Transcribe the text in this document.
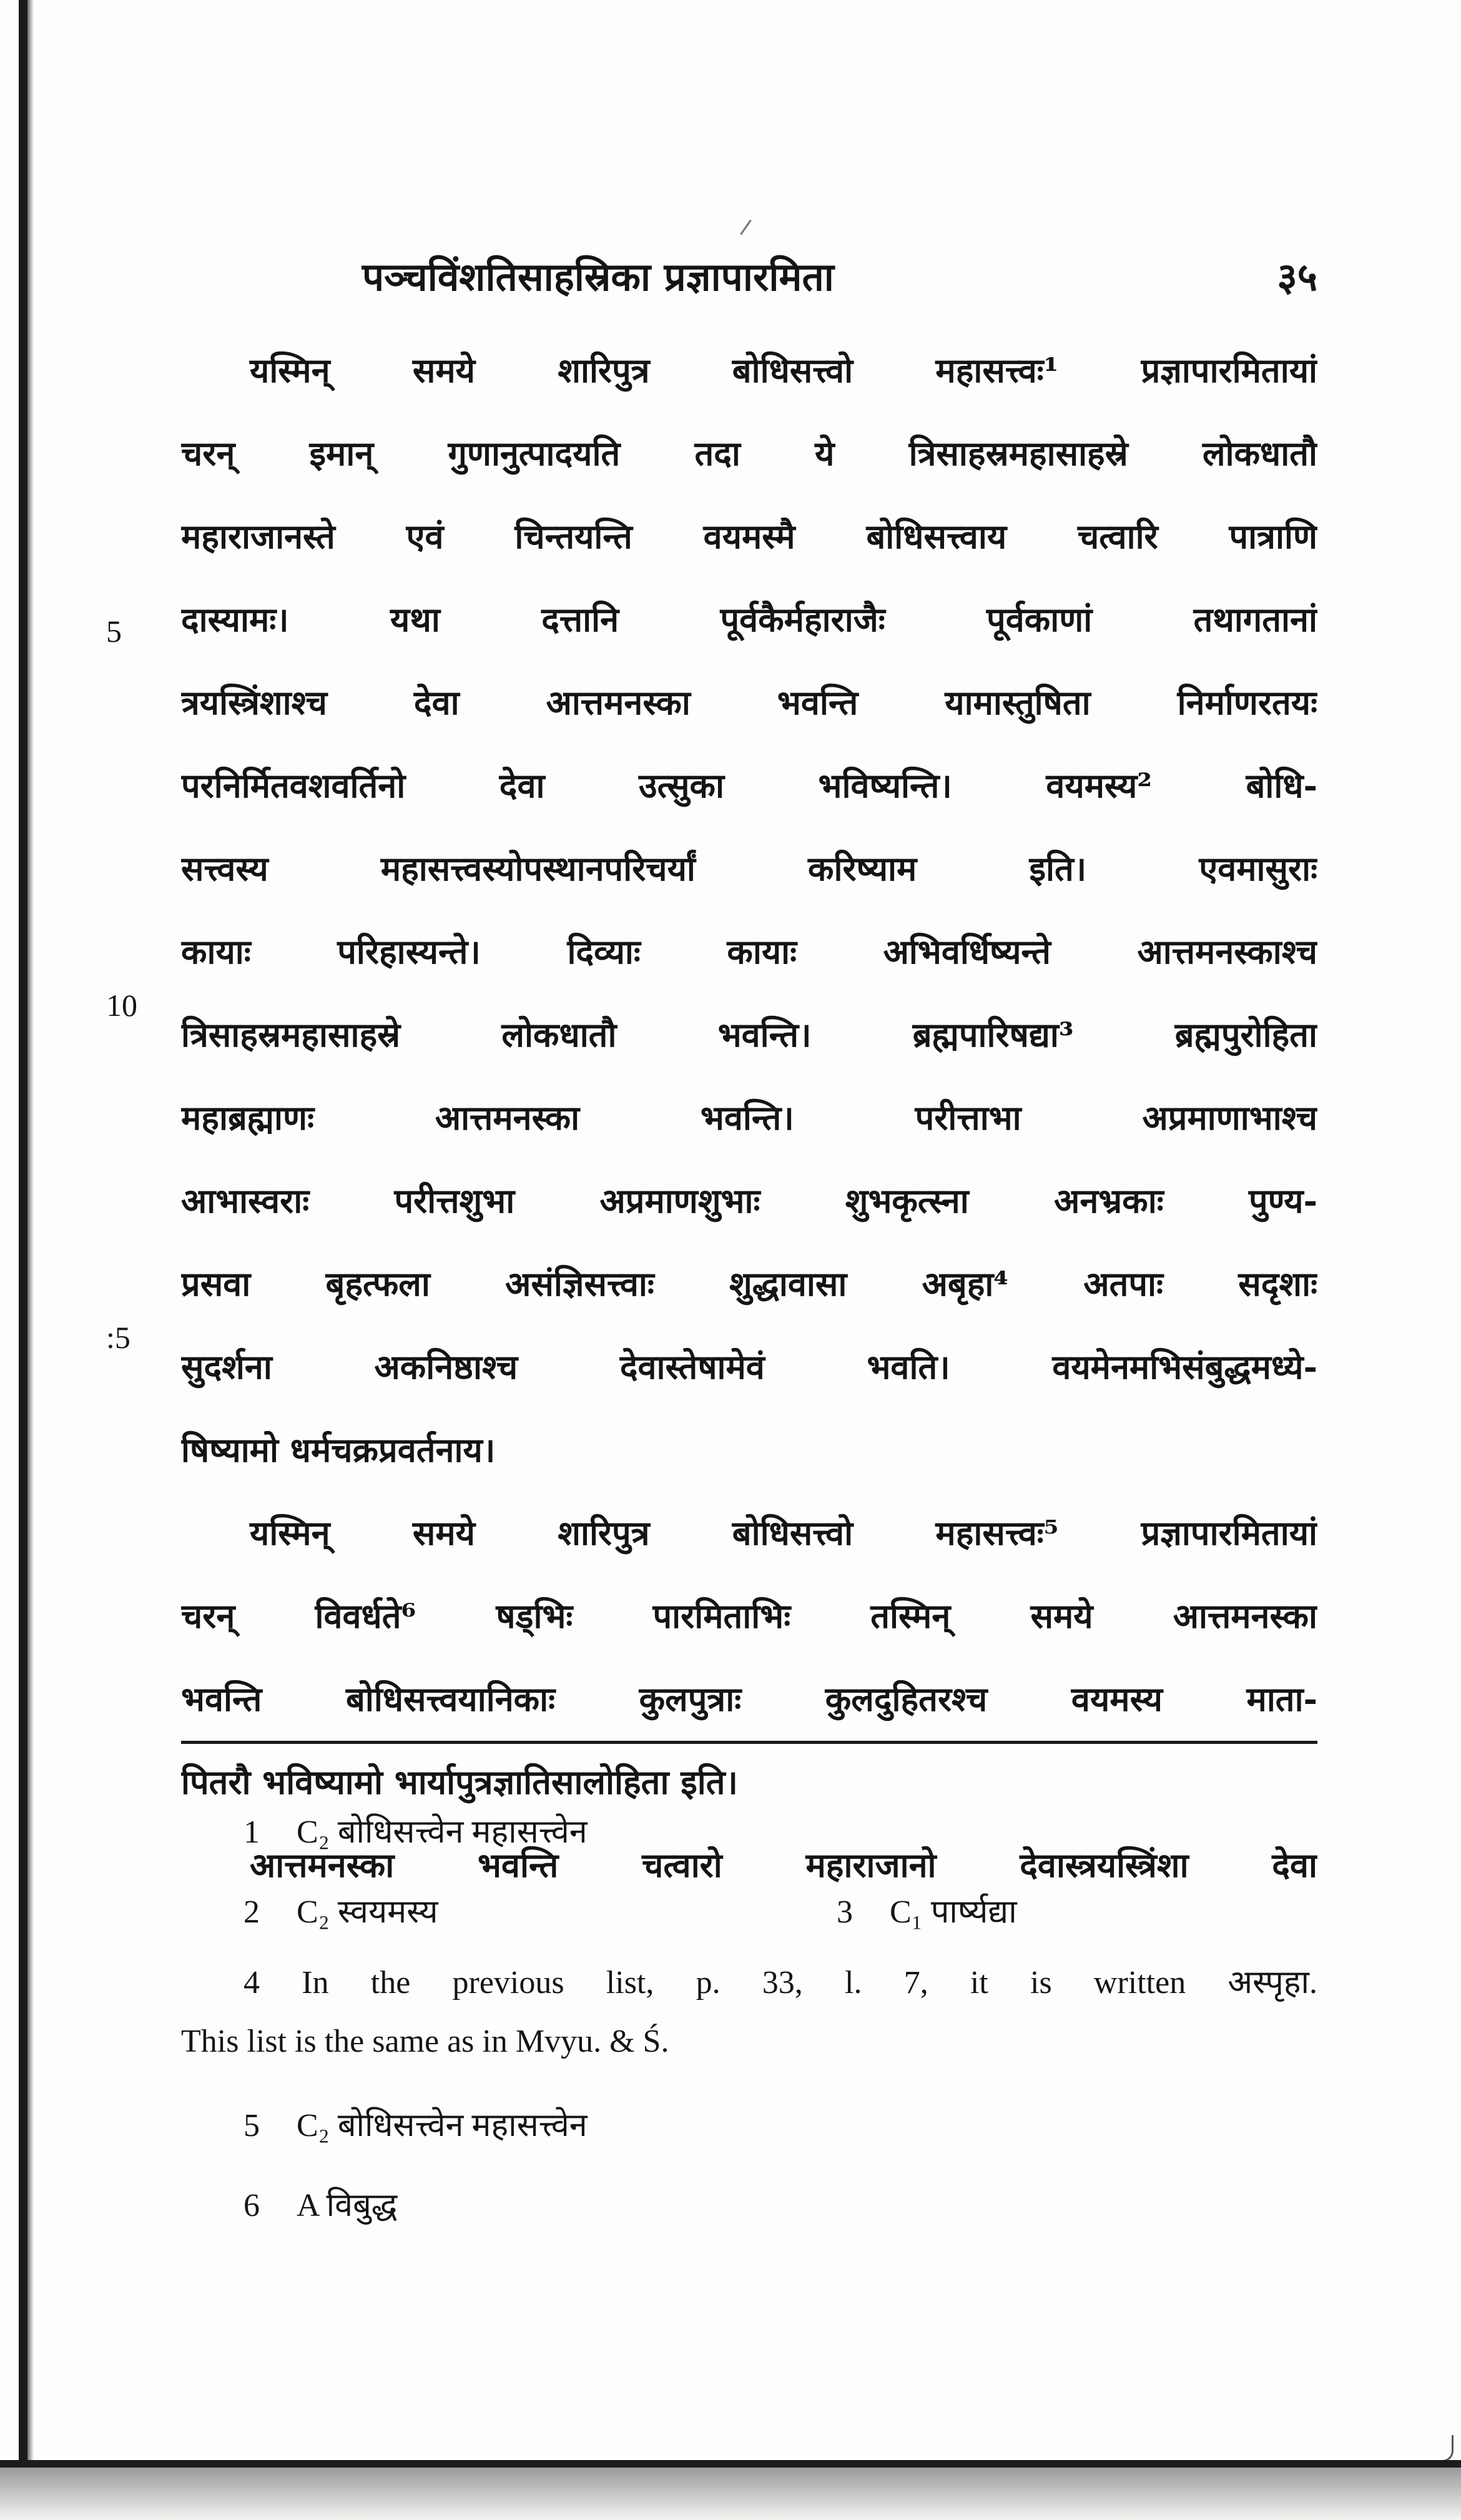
पञ्चविंशतिसाहस्रिका प्रज्ञापारमिता	३५
5
10
:5
यस्मिन् समये शारिपुत्र बोधिसत्त्वो महासत्त्वः¹ प्रज्ञापारमितायां
चरन् इमान् गुणानुत्पादयति तदा ये त्रिसाहस्रमहासाहस्रे लोकधातौ
महाराजानस्ते एवं चिन्तयन्ति वयमस्मै बोधिसत्त्वाय चत्वारि पात्राणि
दास्यामः। यथा दत्तानि पूर्वकैर्महाराजैः पूर्वकाणां तथागतानां
त्रयस्त्रिंशाश्च देवा आत्तमनस्का भवन्ति यामास्तुषिता निर्माणरतयः
परनिर्मितवशवर्तिनो देवा उत्सुका भविष्यन्ति। वयमस्य² बोधि-
सत्त्वस्य महासत्त्वस्योपस्थानपरिचर्यां करिष्याम इति। एवमासुराः
कायाः परिहास्यन्ते। दिव्याः कायाः अभिवर्धिष्यन्ते आत्तमनस्काश्च
त्रिसाहस्रमहासाहस्रे लोकधातौ भवन्ति। ब्रह्मपारिषद्या³ ब्रह्मपुरोहिता
महाब्रह्माणः आत्तमनस्का भवन्ति। परीत्ताभा अप्रमाणाभाश्च
आभास्वराः परीत्तशुभा अप्रमाणशुभाः शुभकृत्स्ना अनभ्रकाः पुण्य-
प्रसवा बृहत्फला असंज्ञिसत्त्वाः शुद्धावासा अबृहा⁴ अतपाः सदृशाः
सुदर्शना अकनिष्ठाश्च देवास्तेषामेवं भवति। वयमेनमभिसंबुद्धमध्ये-
षिष्यामो धर्मचक्रप्रवर्तनाय।
यस्मिन् समये शारिपुत्र बोधिसत्त्वो महासत्त्वः⁵ प्रज्ञापारमितायां
चरन् विवर्धते⁶ षड्भिः पारमिताभिः तस्मिन् समये आत्तमनस्का
भवन्ति बोधिसत्त्वयानिकाः कुलपुत्राः कुलदुहितरश्च वयमस्य माता-
पितरौ भविष्यामो भार्यापुत्रज्ञातिसालोहिता इति।
आत्तमनस्का भवन्ति चत्वारो महाराजानो देवास्त्रयस्त्रिंशा देवा
1 C₂ बोधिसत्त्वेन महासत्त्वेन
2 C₂ स्वयमस्य	3 C₁ पार्ष्यद्या
4 In the previous list, p. 33, l. 7, it is written अस्पृहा.
This list is the same as in Mvyu. & Ś.
5 C₂ बोधिसत्त्वेन महासत्त्वेन
6 A विबुद्ध
